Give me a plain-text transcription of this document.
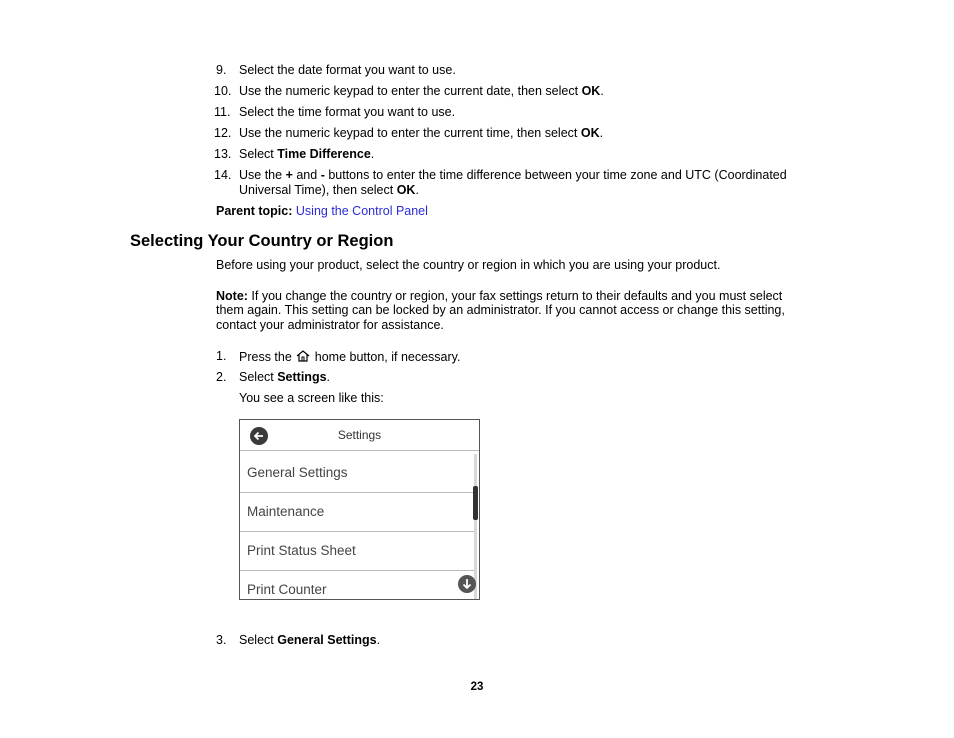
9. Select the date format you want to use.
10. Use the numeric keypad to enter the current date, then select OK.
11. Select the time format you want to use.
12. Use the numeric keypad to enter the current time, then select OK.
13. Select Time Difference.
14. Use the + and - buttons to enter the time difference between your time zone and UTC (Coordinated
Universal Time), then select OK.
Parent topic: Using the Control Panel
Selecting Your Country or Region
Before using your product, select the country or region in which you are using your product.
Note: If you change the country or region, your fax settings return to their defaults and you must select
them again. This setting can be locked by an administrator. If you cannot access or change this setting,
contact your administrator for assistance.
1. Press the home button, if necessary.
2. Select Settings.
You see a screen like this:
Settings
General Settings
Maintenance
Print Status Sheet
Print Counter
3. Select General Settings.
23
